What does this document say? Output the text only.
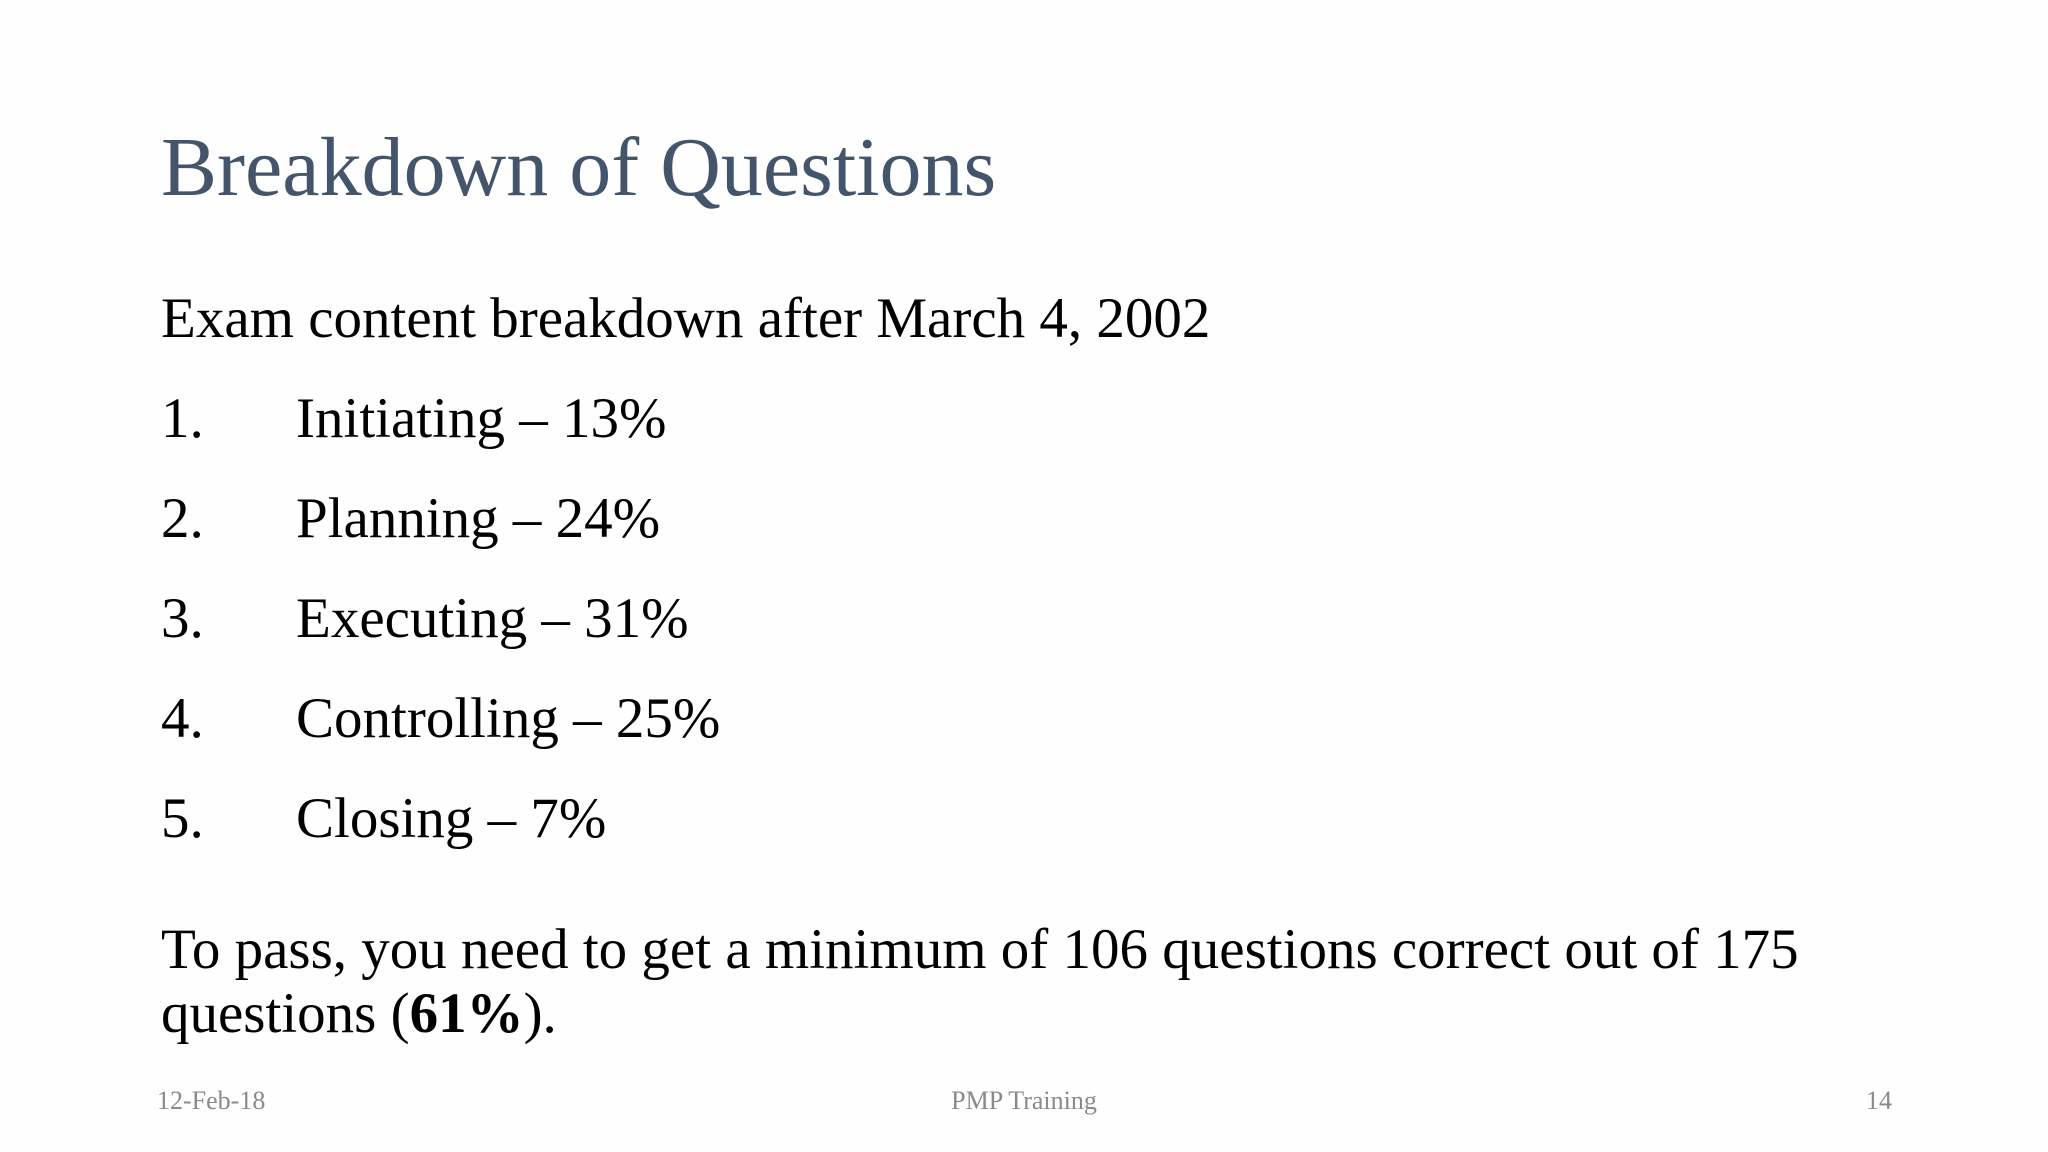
Breakdown of Questions
Exam content breakdown after March 4, 2002
1. Initiating – 13%
2. Planning – 24%
3. Executing – 31%
4. Controlling – 25%
5. Closing – 7%
To pass, you need to get a minimum of 106 questions correct out of 175 questions (61%).
12-Feb-18	PMP Training	14
